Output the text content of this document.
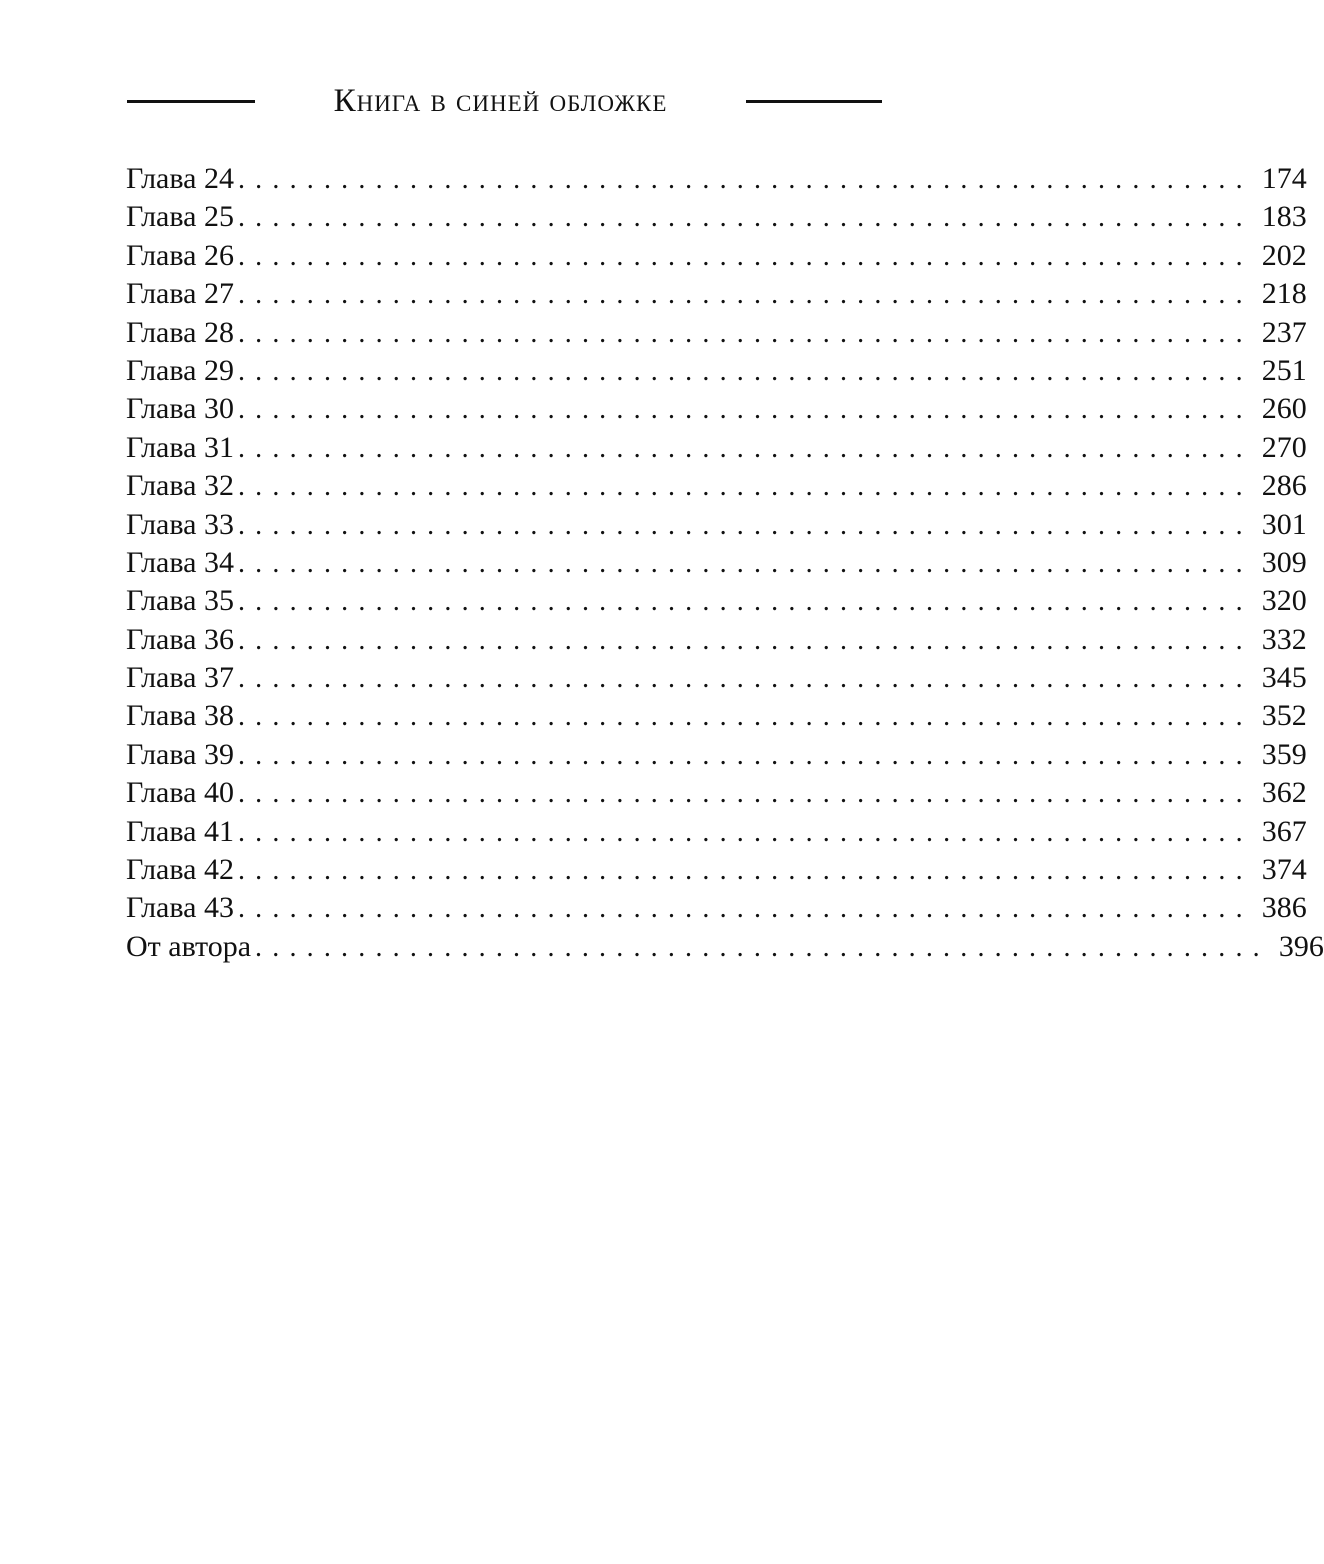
Книга в синей обложке
Глава 24 ........................................................... 174
Глава 25 ........................................................... 183
Глава 26 ........................................................... 202
Глава 27 ........................................................... 218
Глава 28 ........................................................... 237
Глава 29 ........................................................... 251
Глава 30 ........................................................... 260
Глава 31 ........................................................... 270
Глава 32 ........................................................... 286
Глава 33 ........................................................... 301
Глава 34 ........................................................... 309
Глава 35 ........................................................... 320
Глава 36 ........................................................... 332
Глава 37 ........................................................... 345
Глава 38 ........................................................... 352
Глава 39 ........................................................... 359
Глава 40 ........................................................... 362
Глава 41 ........................................................... 367
Глава 42 ........................................................... 374
Глава 43 ........................................................... 386
От автора ........................................................... 396
